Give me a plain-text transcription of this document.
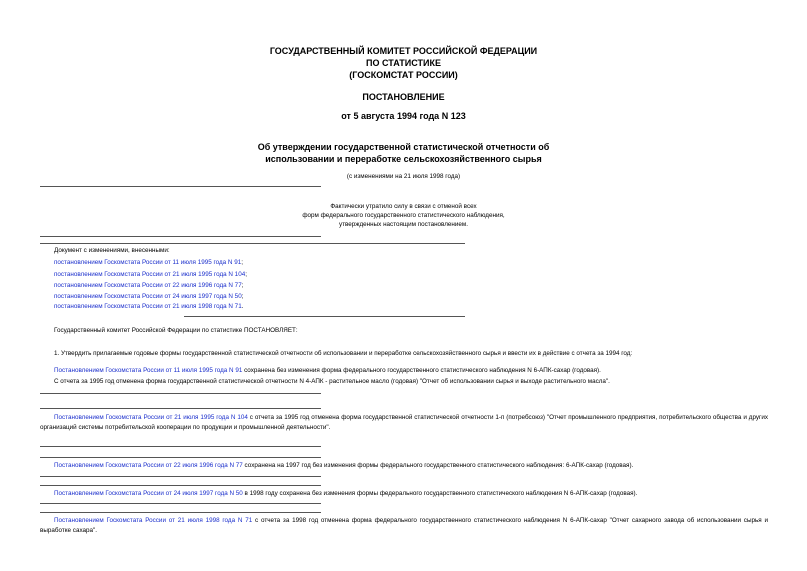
ГОСУДАРСТВЕННЫЙ КОМИТЕТ РОССИЙСКОЙ ФЕДЕРАЦИИ
ПО СТАТИСТИКЕ
(ГОСКОМСТАТ РОССИИ)
ПОСТАНОВЛЕНИЕ
от 5 августа 1994 года N 123
Об утверждении государственной статистической отчетности об
использовании и переработке сельскохозяйственного сырья
(с изменениями на 21 июля 1998 года)
Фактически утратило силу в связи с отменой всех
форм федерального государственного статистического наблюдения,
утвержденных настоящим постановлением.
Документ с изменениями, внесенными:
постановлением Госкомстата России от 11 июля 1995 года N 91;
постановлением Госкомстата России от 21 июля 1995 года N 104;
постановлением Госкомстата России от 22 июля 1996 года N 77;
постановлением Госкомстата России от 24 июля 1997 года N 50;
постановлением Госкомстата России от 21 июля 1998 года N 71.
Государственный комитет Российской Федерации по статистике ПОСТАНОВЛЯЕТ:
1. Утвердить прилагаемые годовые формы государственной статистической отчетности об использовании и переработке сельскохозяйственного сырья и ввести их в действие с отчета за 1994 год:
Постановлением Госкомстата России от 11 июля 1995 года N 91 сохранена без изменения форма федерального государственного статистического наблюдения N 6-АПК-сахар (годовая).
С отчета за 1995 год отменена форма государственной статистической отчетности N 4-АПК - растительное масло (годовая) "Отчет об использовании сырья и выходе растительного масла".
Постановлением Госкомстата России от 21 июля 1995 года N 104 с отчета за 1995 год отменена форма государственной статистической отчетности 1-п (потребсоюз) "Отчет промышленного предприятия, потребительского общества и других организаций системы потребительской кооперации по продукции и промышленной деятельности".
Постановлением Госкомстата России от 22 июля 1996 года N 77 сохранена на 1997 год без изменения формы федерального государственного статистического наблюдения: 6-АПК-сахар (годовая).
Постановлением Госкомстата России от 24 июля 1997 года N 50 в 1998 году сохранена без изменения формы федерального государственного статистического наблюдения N 6-АПК-сахар (годовая).
Постановлением Госкомстата России от 21 июля 1998 года N 71 с отчета за 1998 год отменена форма федерального государственного статистического наблюдения N 6-АПК-сахар "Отчет сахарного завода об использовании сырья и выработке сахара".
